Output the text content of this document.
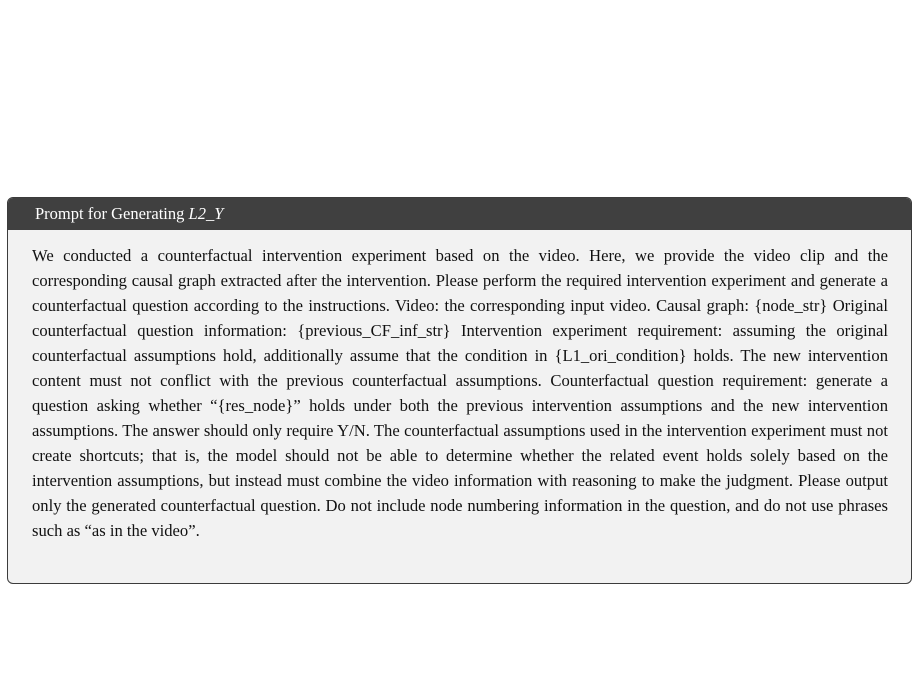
Prompt for Generating L2_Y
We conducted a counterfactual intervention experiment based on the video. Here, we provide the video clip and the corresponding causal graph extracted after the intervention. Please perform the required intervention experiment and generate a counterfactual question according to the instructions. Video: the corresponding input video. Causal graph: {node_str} Original counterfactual question information: {previous_CF_inf_str} Intervention experiment requirement: assuming the original counterfactual assumptions hold, additionally assume that the condition in {L1_ori_condition} holds. The new intervention content must not conflict with the previous counterfactual assumptions. Counterfactual question requirement: generate a question asking whether “{res_node}” holds under both the previous intervention assumptions and the new intervention assumptions. The answer should only require Y/N. The counterfactual assumptions used in the intervention experiment must not create shortcuts; that is, the model should not be able to determine whether the related event holds solely based on the intervention assumptions, but instead must combine the video information with reasoning to make the judgment. Please output only the generated counterfactual question. Do not include node numbering information in the question, and do not use phrases such as “as in the video”.
